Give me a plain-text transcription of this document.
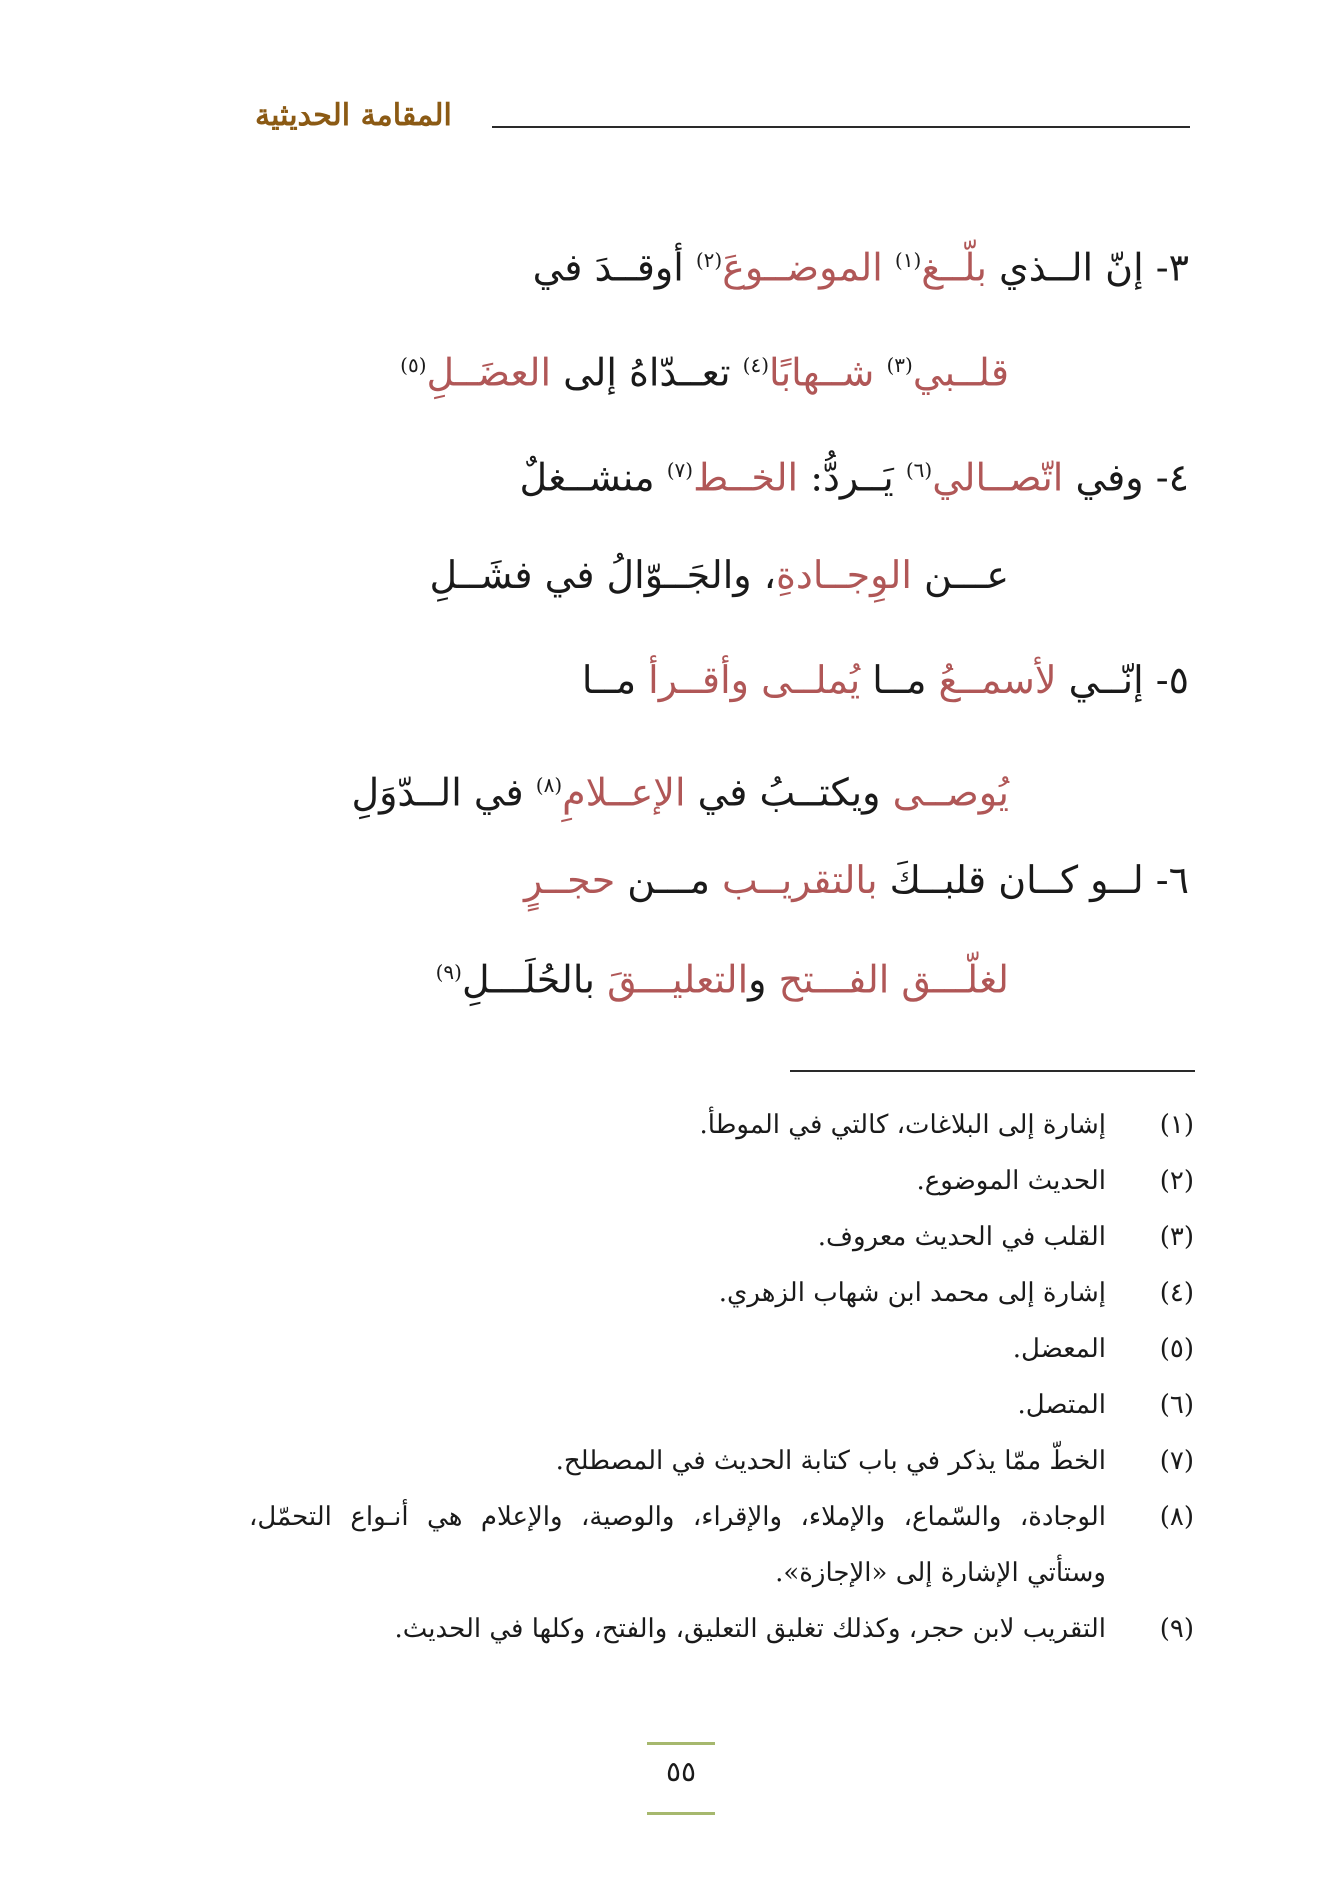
المقامة الحديثية
٣- إنّ الــذي بلّــغ$^{(١)}$ الموضــوعَ$^{(٢)}$ أوقــدَ في
قلــبي$^{(٣)}$ شــهابًا$^{(٤)}$ تعــدّاهُ إلى العضَــلِ$^{(٥)}$
٤- وفي اتّصــالي$^{(٦)}$ يَــردُّ: الخــط$^{(٧)}$ منشــغلٌ
عـــن الوِجــادةِ، والجَــوّالُ في فشَــلِ
٥- إنّــي لأسمــعُ مــا يُملــى وأقــرأ مــا
يُوصــى ويكتــبُ في الإعــلامِ$^{(٨)}$ في الــدّوَلِ
٦- لــو كــان قلبــكَ بالتقريــب مـــن حجــرٍ
لغلّـــق الفـــتح والتعليـــقَ بالحُلَـــلِ$^{(٩)}$
(١)
إشارة إلى البلاغات، كالتي في الموطأ.
(٢)
الحديث الموضوع.
(٣)
القلب في الحديث معروف.
(٤)
إشارة إلى محمد ابن شهاب الزهري.
(٥)
المعضل.
(٦)
المتصل.
(٧)
الخطّ ممّا يذكر في باب كتابة الحديث في المصطلح.
(٨)
الوجادة، والسّماع، والإملاء، والإقراء، والوصية، والإعلام هي أنـواع التحمّل، وستأتي الإشارة إلى «الإجازة».
(٩)
التقريب لابن حجر، وكذلك تغليق التعليق، والفتح، وكلها في الحديث.
٥٥
